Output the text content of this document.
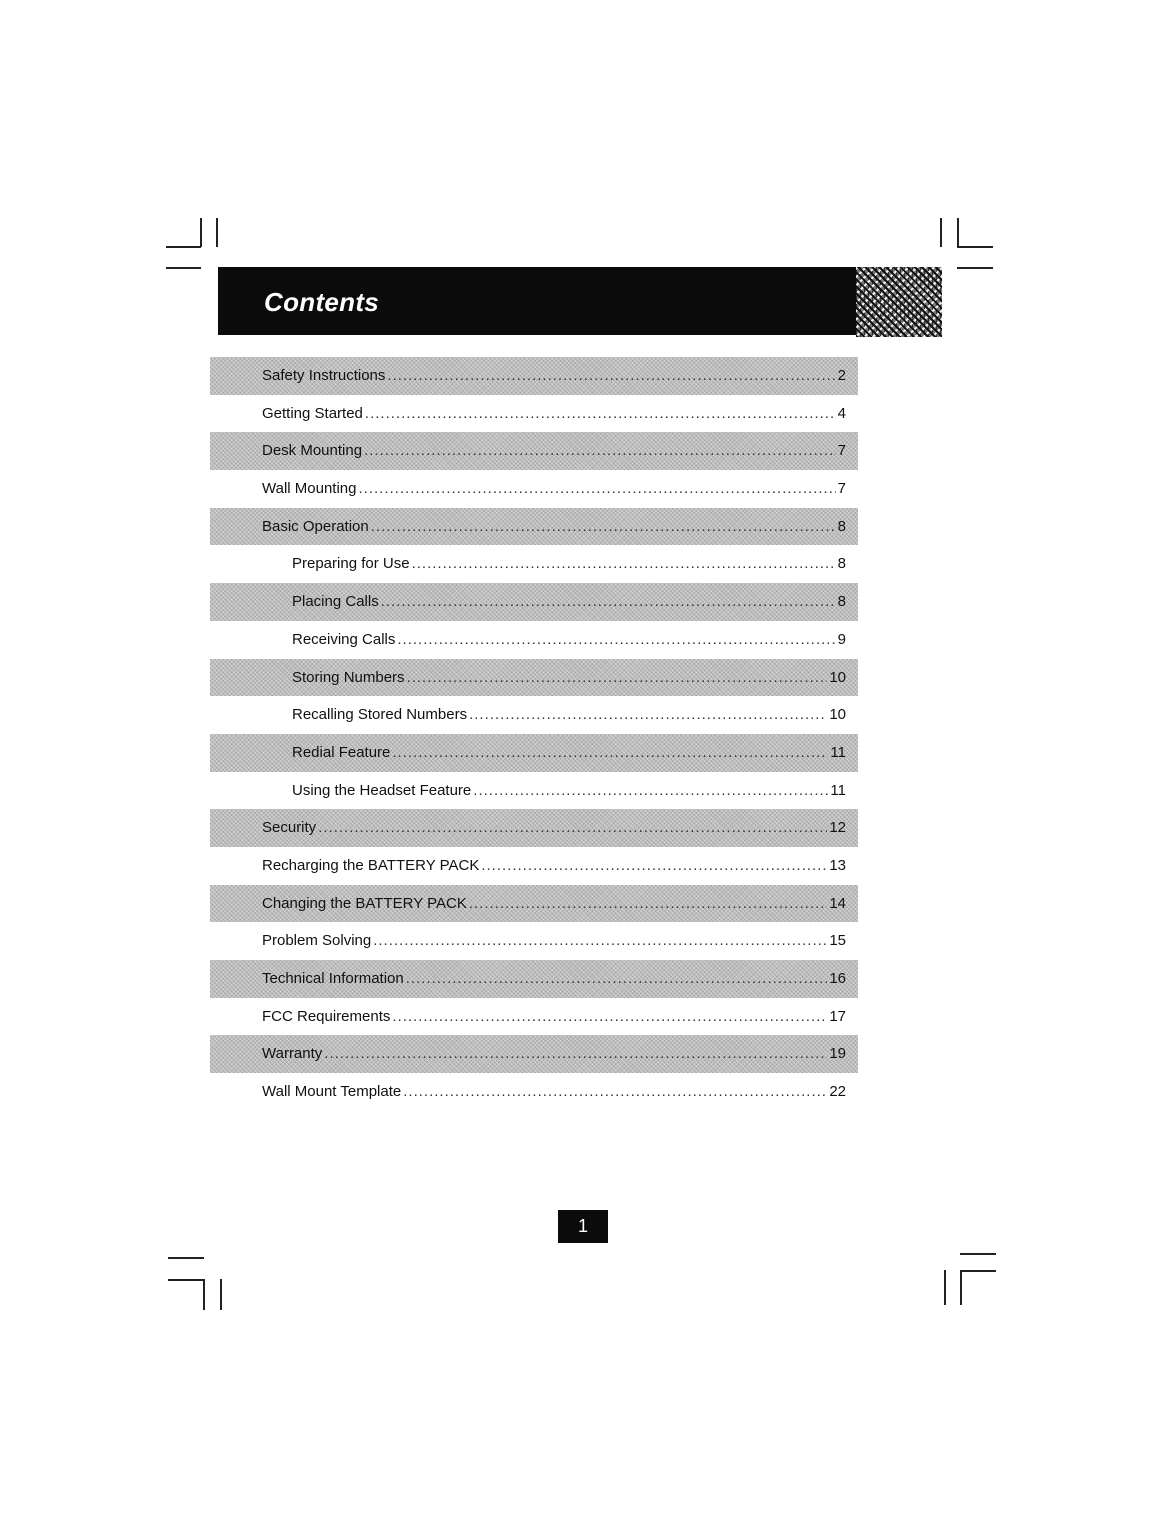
Contents
Safety Instructions .....	2
Getting Started .....	4
Desk Mounting .....	7
Wall Mounting .....	7
Basic Operation .....	8
Preparing for Use .....	8
Placing Calls .....	8
Receiving Calls .....	9
Storing Numbers .....	10
Recalling Stored Numbers .....	10
Redial Feature .....	11
Using the Headset Feature .....	11
Security .....	12
Recharging the BATTERY PACK .....	13
Changing the BATTERY PACK .....	14
Problem Solving .....	15
Technical Information .....	16
FCC Requirements .....	17
Warranty .....	19
Wall Mount Template .....	22
1
